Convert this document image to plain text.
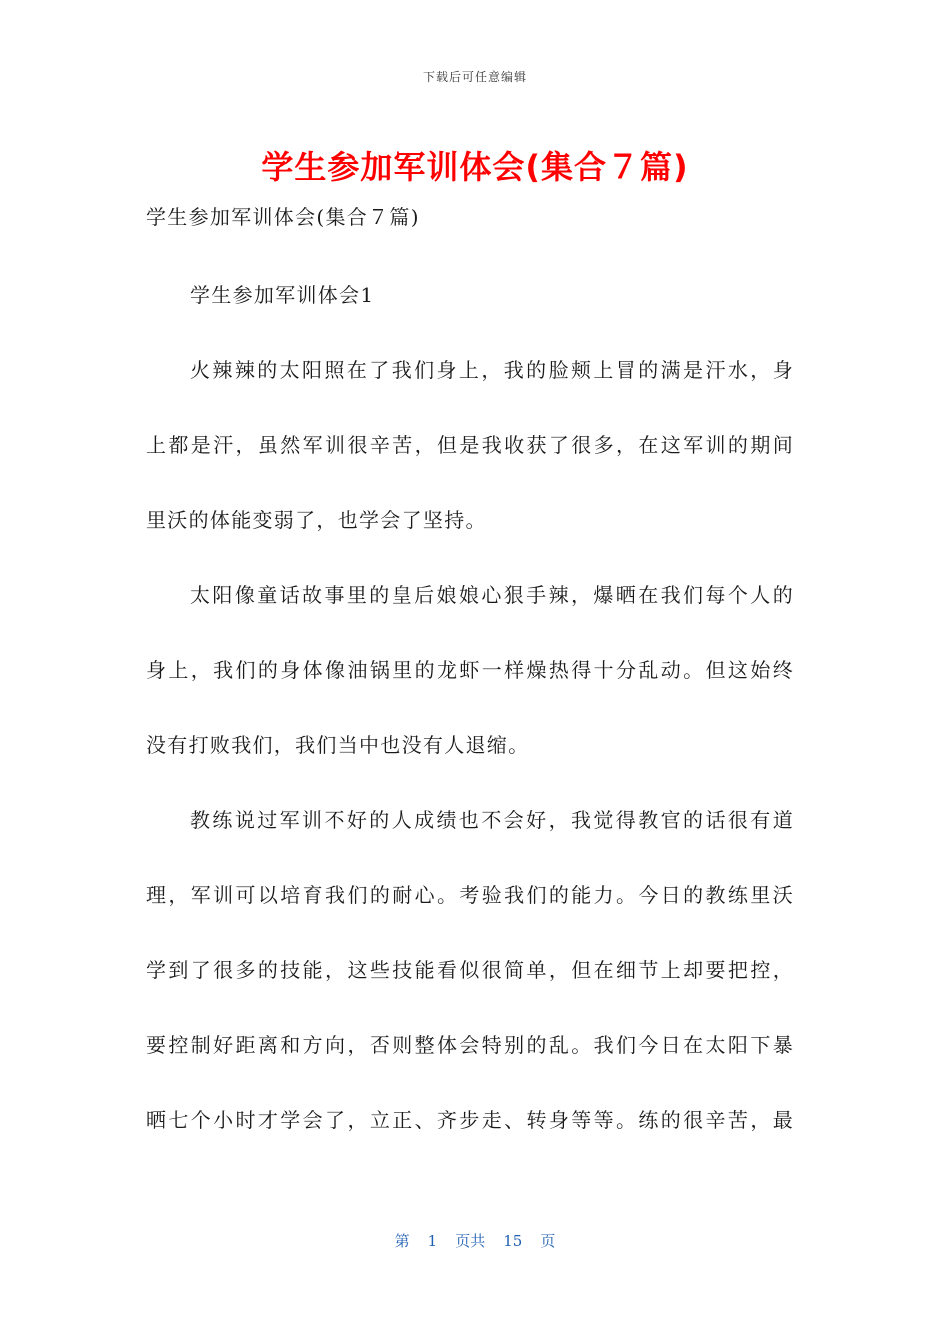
下载后可任意编辑
学生参加军训体会(集合７篇)
学生参加军训体会(集合７篇)
学生参加军训体会1
火辣辣的太阳照在了我们身上，我的脸颊上冒的满是汗水，身
上都是汗，虽然军训很辛苦，但是我收获了很多，在这军训的期间
里沃的体能变弱了，也学会了坚持。
太阳像童话故事里的皇后娘娘心狠手辣，爆晒在我们每个人的
身上，我们的身体像油锅里的龙虾一样燥热得十分乱动。但这始终
没有打败我们，我们当中也没有人退缩。
教练说过军训不好的人成绩也不会好，我觉得教官的话很有道
理，军训可以培育我们的耐心。考验我们的能力。今日的教练里沃
学到了很多的技能，这些技能看似很简单，但在细节上却要把控，
要控制好距离和方向，否则整体会特别的乱。我们今日在太阳下暴
晒七个小时才学会了，立正、齐步走、转身等等。练的很辛苦，最
第 1 页共 15 页
